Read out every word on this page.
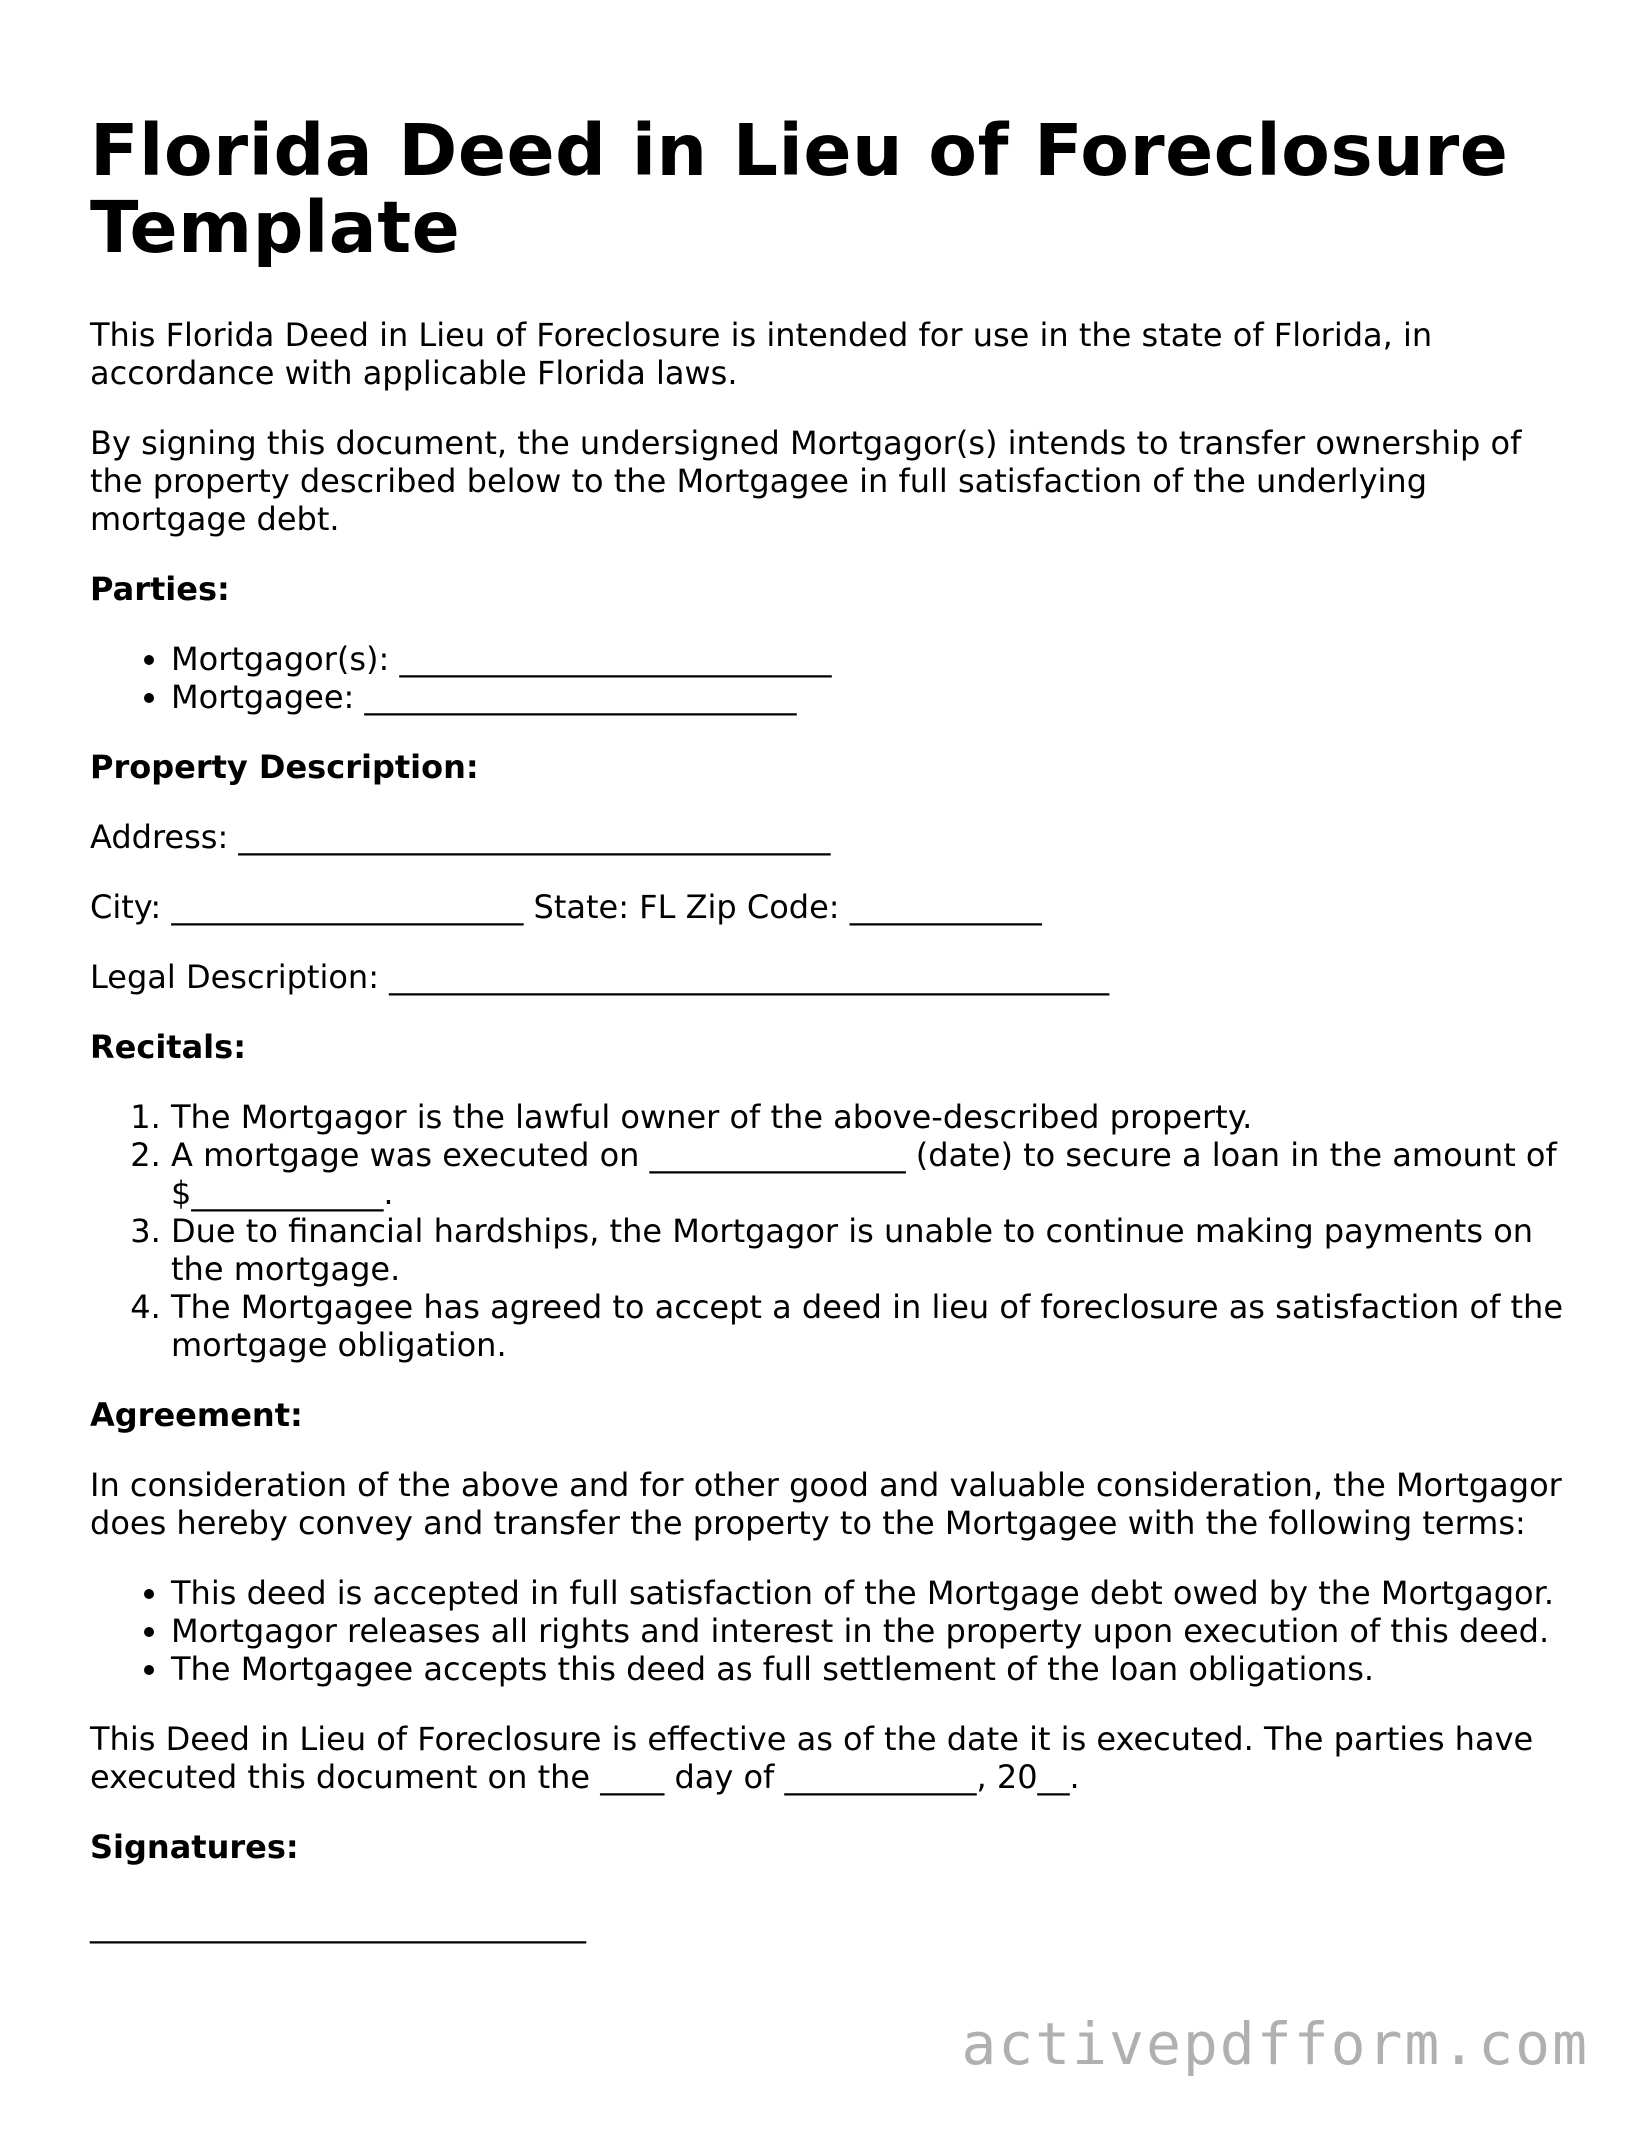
Florida Deed in Lieu of Foreclosure Template

This Florida Deed in Lieu of Foreclosure is intended for use in the state of Florida, in accordance with applicable Florida laws.

By signing this document, the undersigned Mortgagor(s) intends to transfer ownership of the property described below to the Mortgagee in full satisfaction of the underlying mortgage debt.

Parties:

• Mortgagor(s): ___________________________
• Mortgagee: ___________________________

Property Description:

Address: _____________________________________

City: ______________________ State: FL Zip Code: ____________

Legal Description: _____________________________________________

Recitals:

1. The Mortgagor is the lawful owner of the above-described property.
2. A mortgage was executed on ________________ (date) to secure a loan in the amount of $____________.
3. Due to financial hardships, the Mortgagor is unable to continue making payments on the mortgage.
4. The Mortgagee has agreed to accept a deed in lieu of foreclosure as satisfaction of the mortgage obligation.

Agreement:

In consideration of the above and for other good and valuable consideration, the Mortgagor does hereby convey and transfer the property to the Mortgagee with the following terms:

• This deed is accepted in full satisfaction of the Mortgage debt owed by the Mortgagor.
• Mortgagor releases all rights and interest in the property upon execution of this deed.
• The Mortgagee accepts this deed as full settlement of the loan obligations.

This Deed in Lieu of Foreclosure is effective as of the date it is executed. The parties have executed this document on the ____ day of ____________, 20__.

Signatures:

_______________________________

activepdfform.com
